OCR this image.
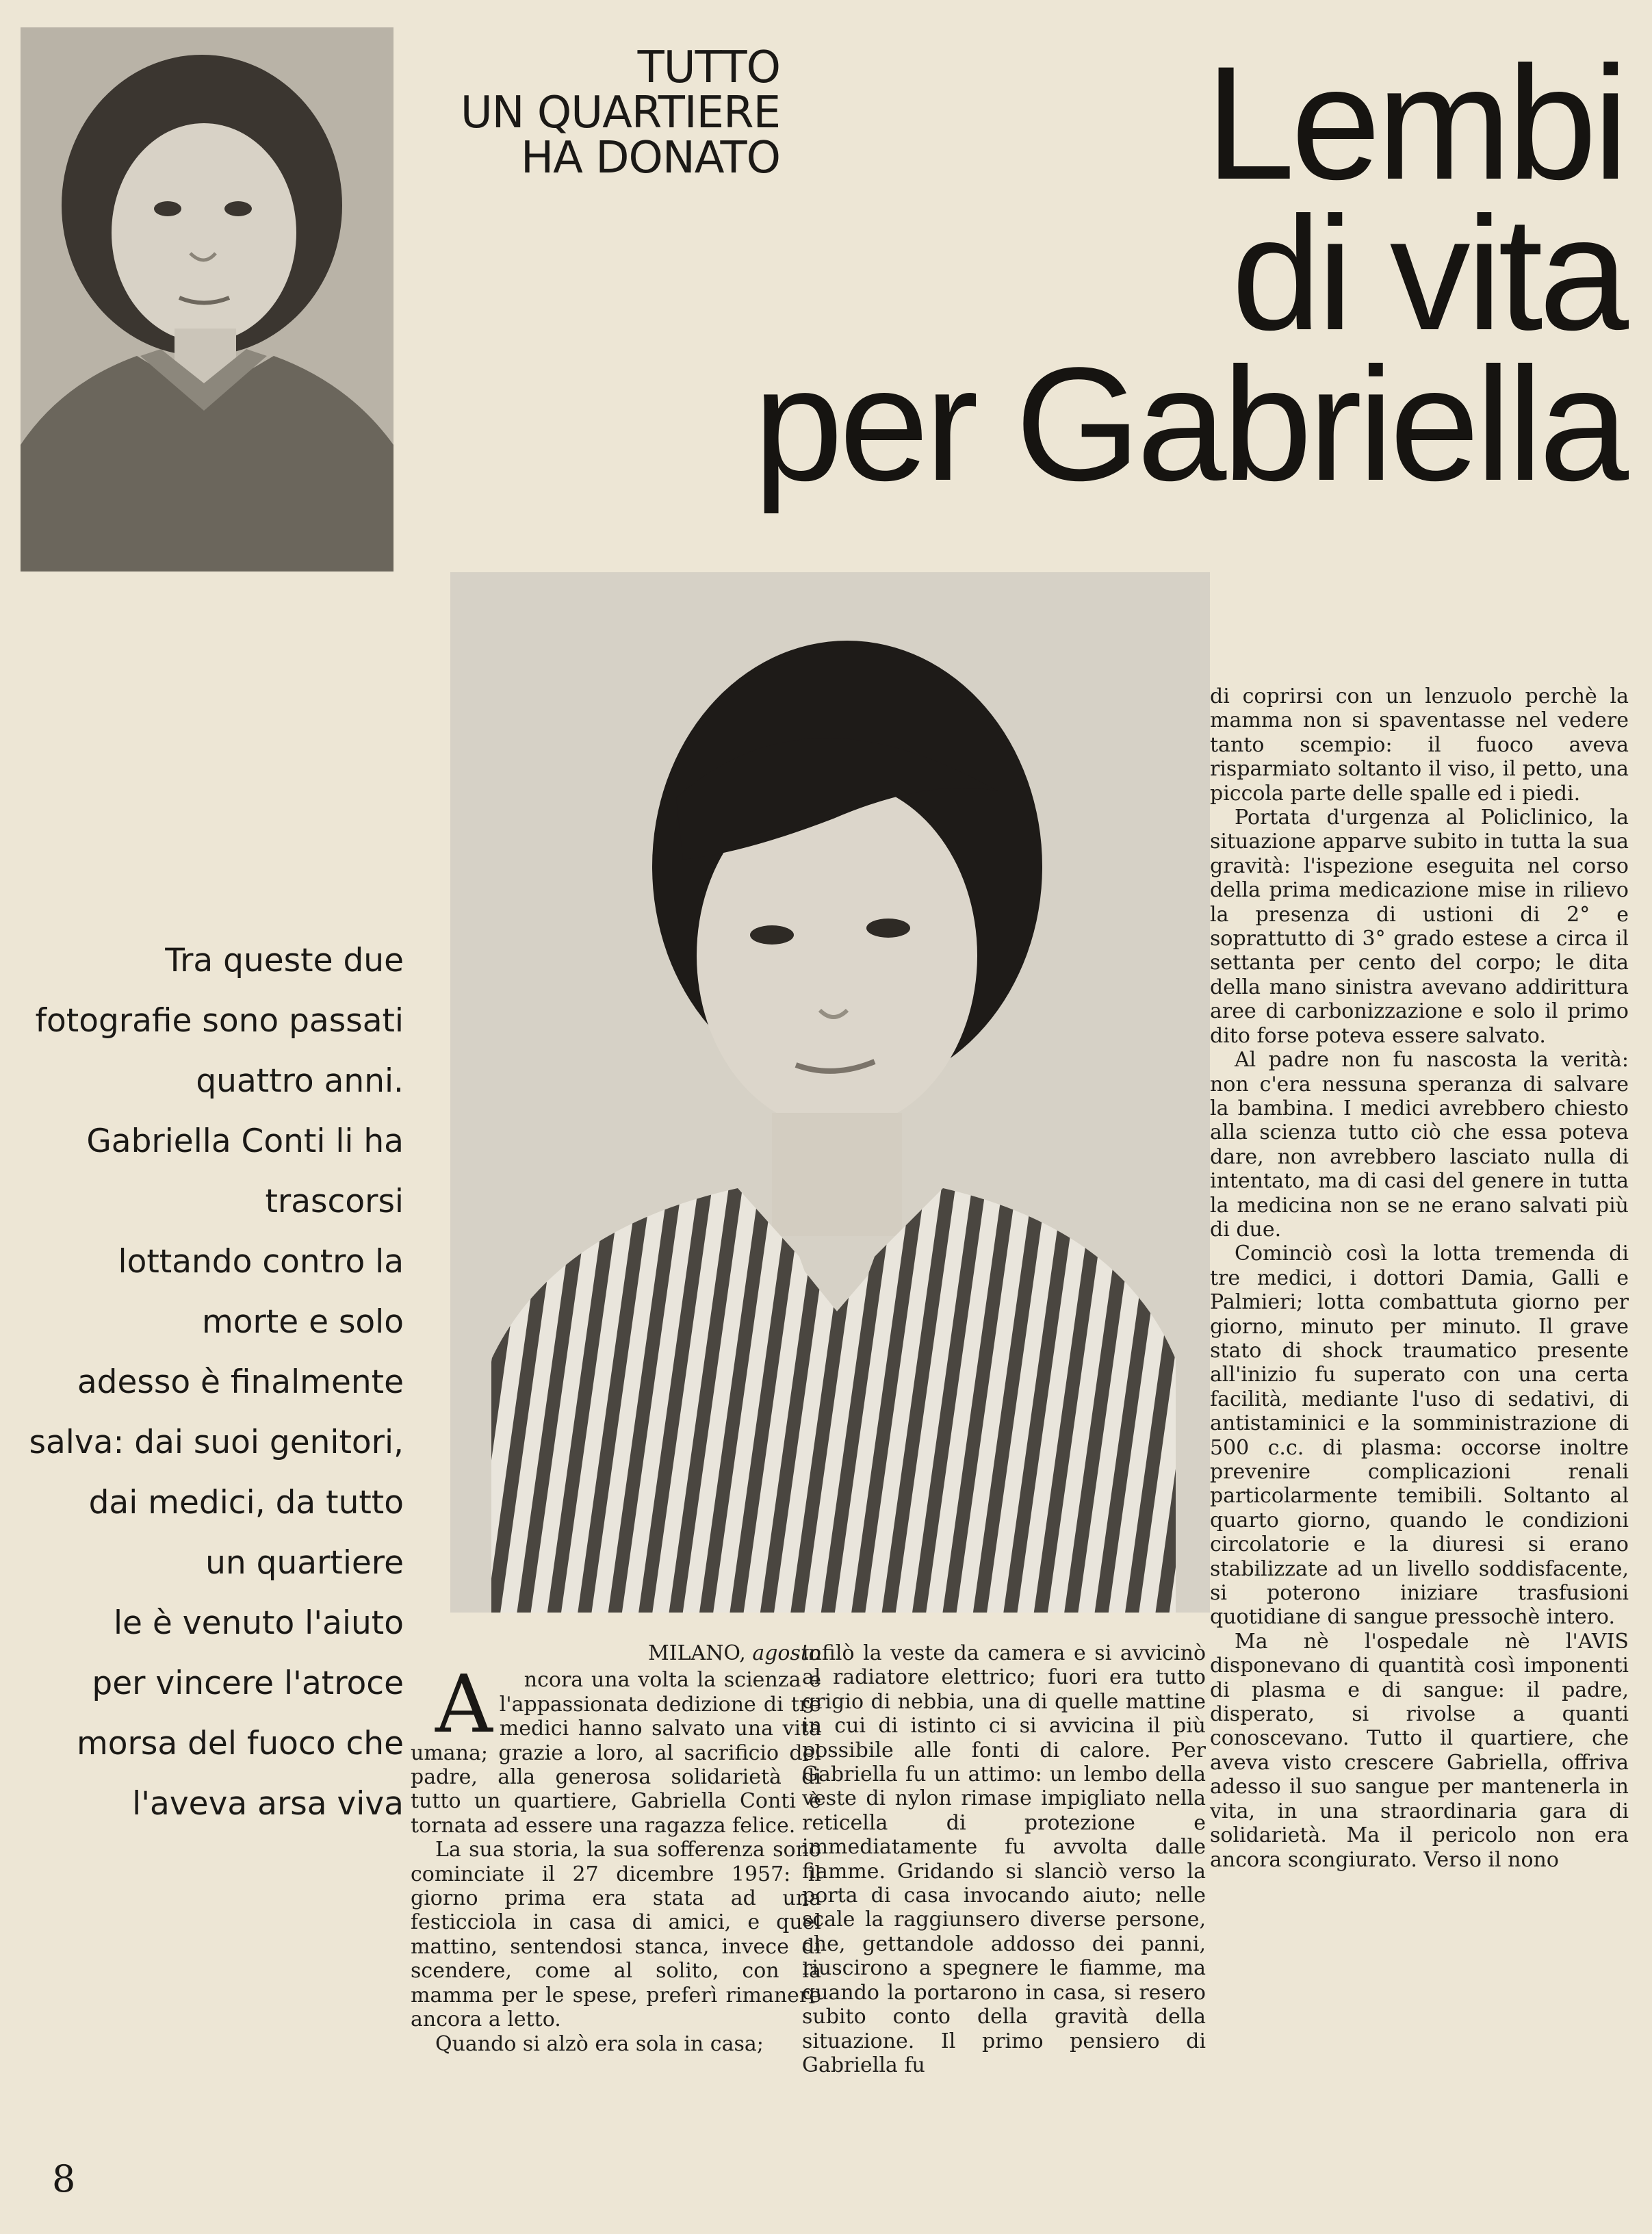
TUTTO
UN QUARTIERE
HA DONATO	Lembi
di vita
per Gabriella
Tra queste due
fotografie sono passati
quattro anni.
Gabriella Conti li ha
trascorsi
lottando contro la
morte e solo
adesso è finalmente
salva: dai suoi genitori,
dai medici, da tutto
un quartiere
le è venuto l'aiuto
per vincere l'atroce
morsa del fuoco che
l'aveva arsa viva

di coprirsi con un lenzuolo perchè la mamma non si spaventasse nel vedere tanto scempio: il fuoco aveva risparmiato soltanto il viso, il petto, una piccola parte delle spalle ed i piedi.

Portata d'urgenza al Policlinico, la situazione apparve subito in tutta la sua gravità: l'ispezione eseguita nel corso della prima medicazione mise in rilievo la presenza di ustioni di 2° e soprattutto di 3° grado estese a circa il settanta per cento del corpo; le dita della mano sinistra avevano addirittura aree di carbonizzazione e solo il primo dito forse poteva essere salvato.

Al padre non fu nascosta la verità: non c'era nessuna speranza di salvare la bambina. I medici avrebbero chiesto alla scienza tutto ciò che essa poteva dare, non avrebbero lasciato nulla di intentato, ma di casi del genere in tutta la medicina non se ne erano salvati più di due.

Cominciò così la lotta tremenda di tre medici, i dottori Damia, Galli e Palmieri; lotta combattuta giorno per giorno, minuto per minuto. Il grave stato di shock traumatico presente all'inizio fu superato con una certa facilità, mediante l'uso di sedativi, di antistaminici e la somministrazione di 500 c.c. di plasma: occorse inoltre prevenire complicazioni renali particolarmente temibili. Soltanto al quarto giorno, quando le condizioni circolatorie e la diuresi si erano stabilizzate ad un livello soddisfacente, si poterono iniziare trasfusioni quotidiane di sangue pressochè intero.

Ma nè l'ospedale nè l'AVIS disponevano di quantità così imponenti di plasma e di sangue: il padre, disperato, si rivolse a quanti conoscevano. Tutto il quartiere, che aveva visto crescere Gabriella, offriva adesso il suo sangue per mantenerla in vita, in una straordinaria gara di solidarietà. Ma il pericolo non era ancora scongiurato. Verso il nono

MILANO, agosto

A ncora una volta la scienza e l'appassionata dedizione di tre medici hanno salvato una vita umana; grazie a loro, al sacrificio del padre, alla generosa solidarietà di tutto un quartiere, Gabriella Conti è tornata ad essere una ragazza felice.

La sua storia, la sua sofferenza sono cominciate il 27 dicembre 1957: il giorno prima era stata ad una festicciola in casa di amici, e quel mattino, sentendosi stanca, invece di scendere, come al solito, con la mamma per le spese, preferì rimanere ancora a letto.

Quando si alzò era sola in casa;

infilò la veste da camera e si avvicinò al radiatore elettrico; fuori era tutto grigio di nebbia, una di quelle mattine in cui di istinto ci si avvicina il più possibile alle fonti di calore. Per Gabriella fu un attimo: un lembo della veste di nylon rimase impigliato nella reticella di protezione e immediatamente fu avvolta dalle fiamme. Gridando si slanciò verso la porta di casa invocando aiuto; nelle scale la raggiunsero diverse persone, che, gettandole addosso dei panni, riuscirono a spegnere le fiamme, ma quando la portarono in casa, si resero subito conto della gravità della situazione. Il primo pensiero di Gabriella fu

8
